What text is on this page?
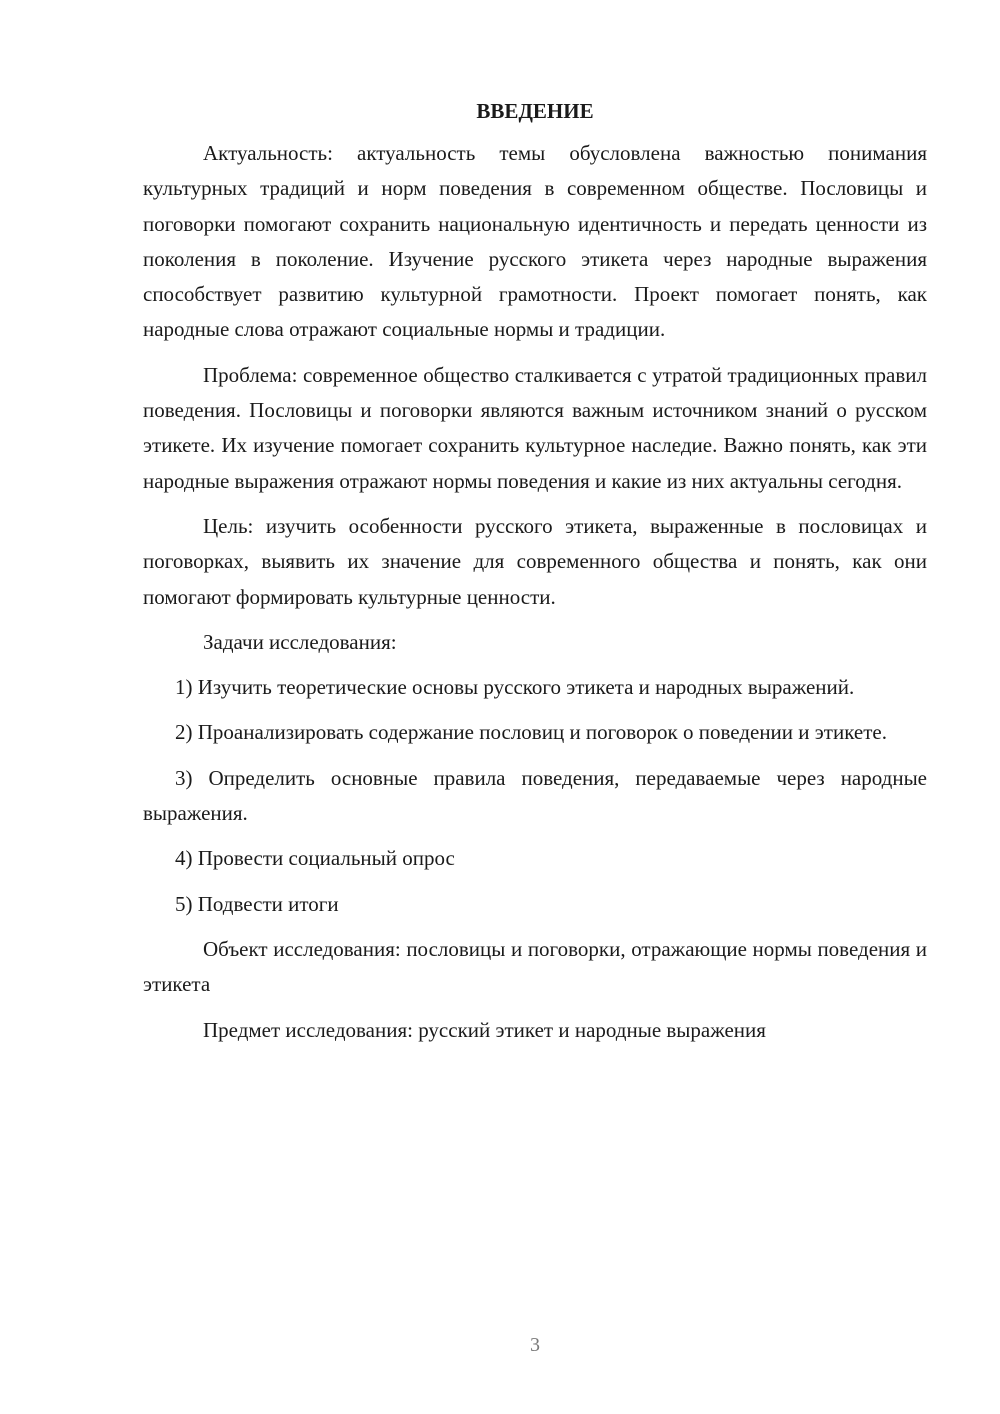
ВВЕДЕНИЕ

Актуальность: актуальность темы обусловлена важностью понимания культурных традиций и норм поведения в современном обществе. Пословицы и поговорки помогают сохранить национальную идентичность и передать ценности из поколения в поколение. Изучение русского этикета через народные выражения способствует развитию культурной грамотности. Проект помогает понять, как народные слова отражают социальные нормы и традиции.

Проблема: современное общество сталкивается с утратой традиционных правил поведения. Пословицы и поговорки являются важным источником знаний о русском этикете. Их изучение помогает сохранить культурное наследие. Важно понять, как эти народные выражения отражают нормы поведения и какие из них актуальны сегодня.

Цель: изучить особенности русского этикета, выраженные в пословицах и поговорках, выявить их значение для современного общества и понять, как они помогают формировать культурные ценности.

Задачи исследования:

1) Изучить теоретические основы русского этикета и народных выражений.

2) Проанализировать содержание пословиц и поговорок о поведении и этикете.

3) Определить основные правила поведения, передаваемые через народные выражения.

4) Провести социальный опрос

5) Подвести итоги

Объект исследования: пословицы и поговорки, отражающие нормы поведения и этикета

Предмет исследования: русский этикет и народные выражения

3
